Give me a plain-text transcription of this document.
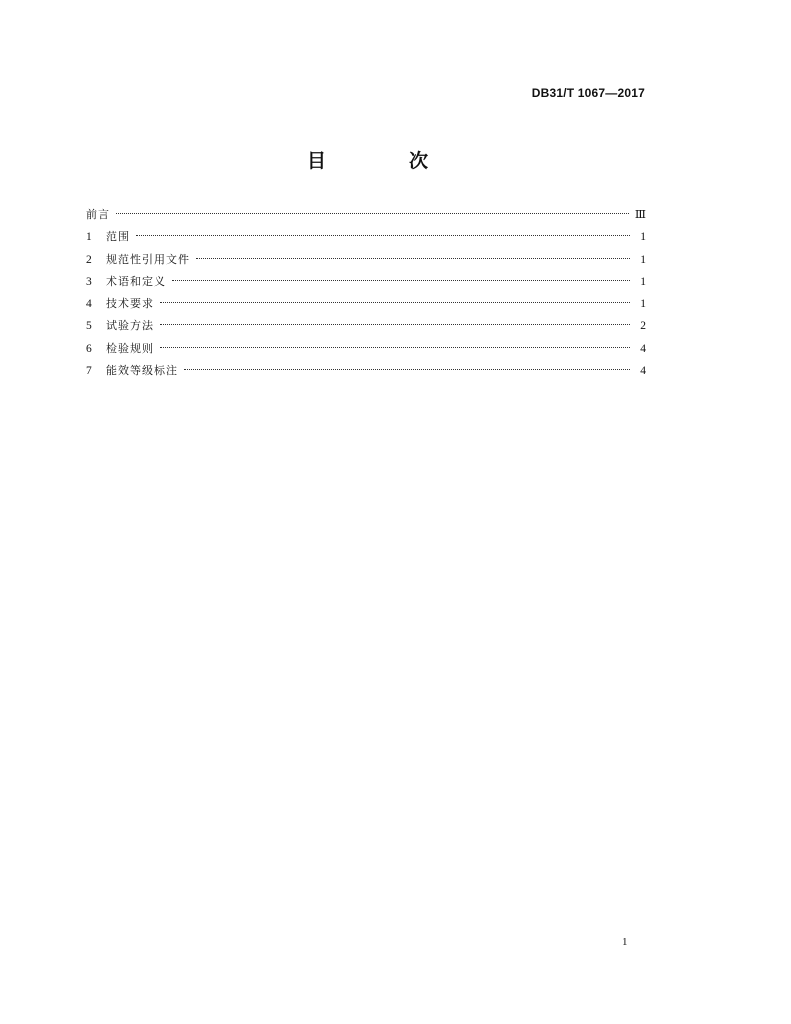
DB31/T 1067—2017
目　次
前言	Ⅲ
1	范围	1
2	规范性引用文件	1
3	术语和定义	1
4	技术要求	1
5	试验方法	2
6	检验规则	4
7	能效等级标注	4
1
